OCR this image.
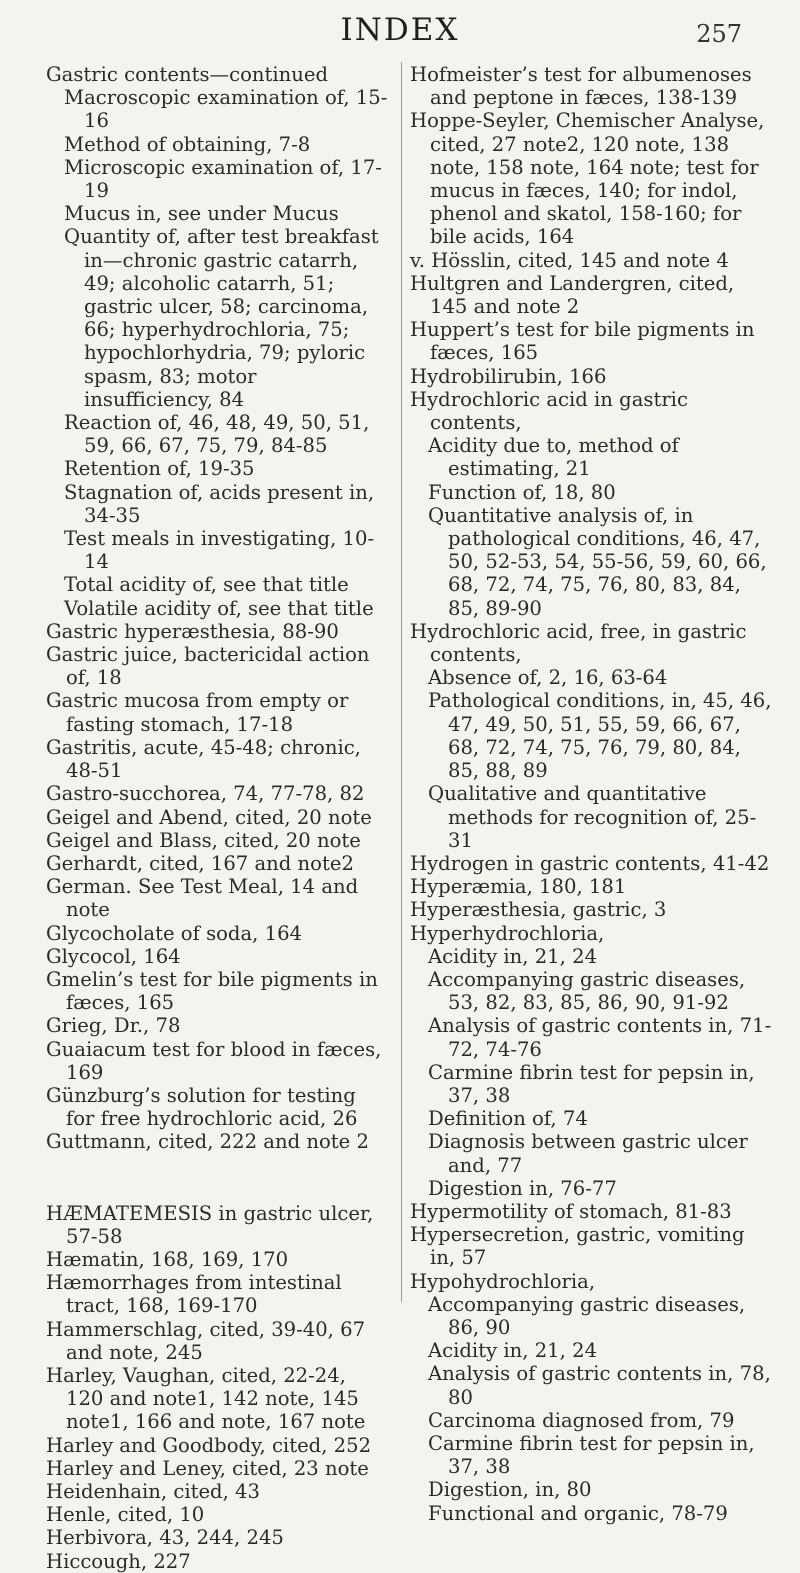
INDEX	257
Gastric contents—continued
Macroscopic examination of, 15-16
Method of obtaining, 7-8
Microscopic examination of, 17-19
Mucus in, see under Mucus
Quantity of, after test breakfast in—chronic gastric catarrh, 49; alcoholic catarrh, 51; gastric ulcer, 58; carcinoma, 66; hyperhydrochloria, 75; hypochlorhydria, 79; pyloric spasm, 83; motor insufficiency, 84
Reaction of, 46, 48, 49, 50, 51, 59, 66, 67, 75, 79, 84-85
Retention of, 19-35
Stagnation of, acids present in, 34-35
Test meals in investigating, 10-14
Total acidity of, see that title
Volatile acidity of, see that title
Gastric hyperæsthesia, 88-90
Gastric juice, bactericidal action of, 18
Gastric mucosa from empty or fasting stomach, 17-18
Gastritis, acute, 45-48; chronic, 48-51
Gastro-succhorea, 74, 77-78, 82
Geigel and Abend, cited, 20 note
Geigel and Blass, cited, 20 note
Gerhardt, cited, 167 and note2
German. See Test Meal, 14 and note
Glycocholate of soda, 164
Glycocol, 164
Gmelin’s test for bile pigments in fæces, 165
Grieg, Dr., 78
Guaiacum test for blood in fæces, 169
Günzburg’s solution for testing for free hydrochloric acid, 26
Guttmann, cited, 222 and note 2
HÆMATEMESIS in gastric ulcer, 57-58
Hæmatin, 168, 169, 170
Hæmorrhages from intestinal tract, 168, 169-170
Hammerschlag, cited, 39-40, 67 and note, 245
Harley, Vaughan, cited, 22-24, 120 and note1, 142 note, 145 note1, 166 and note, 167 note
Harley and Goodbody, cited, 252
Harley and Leney, cited, 23 note
Heidenhain, cited, 43
Henle, cited, 10
Herbivora, 43, 244, 245
Hiccough, 227
Hofmeister’s test for albumenoses and peptone in fæces, 138-139
Hoppe-Seyler, Chemischer Analyse, cited, 27 note2, 120 note, 138 note, 158 note, 164 note; test for mucus in fæces, 140; for indol, phenol and skatol, 158-160; for bile acids, 164
v. Hösslin, cited, 145 and note 4
Hultgren and Landergren, cited, 145 and note 2
Huppert’s test for bile pigments in fæces, 165
Hydrobilirubin, 166
Hydrochloric acid in gastric contents,
Acidity due to, method of estimating, 21
Function of, 18, 80
Quantitative analysis of, in pathological conditions, 46, 47, 50, 52-53, 54, 55-56, 59, 60, 66, 68, 72, 74, 75, 76, 80, 83, 84, 85, 89-90
Hydrochloric acid, free, in gastric contents,
Absence of, 2, 16, 63-64
Pathological conditions, in, 45, 46, 47, 49, 50, 51, 55, 59, 66, 67, 68, 72, 74, 75, 76, 79, 80, 84, 85, 88, 89
Qualitative and quantitative methods for recognition of, 25-31
Hydrogen in gastric contents, 41-42
Hyperæmia, 180, 181
Hyperæsthesia, gastric, 3
Hyperhydrochloria,
Acidity in, 21, 24
Accompanying gastric diseases, 53, 82, 83, 85, 86, 90, 91-92
Analysis of gastric contents in, 71-72, 74-76
Carmine fibrin test for pepsin in, 37, 38
Definition of, 74
Diagnosis between gastric ulcer and, 77
Digestion in, 76-77
Hypermotility of stomach, 81-83
Hypersecretion, gastric, vomiting in, 57
Hypohydrochloria,
Accompanying gastric diseases, 86, 90
Acidity in, 21, 24
Analysis of gastric contents in, 78, 80
Carcinoma diagnosed from, 79
Carmine fibrin test for pepsin in, 37, 38
Digestion, in, 80
Functional and organic, 78-79
